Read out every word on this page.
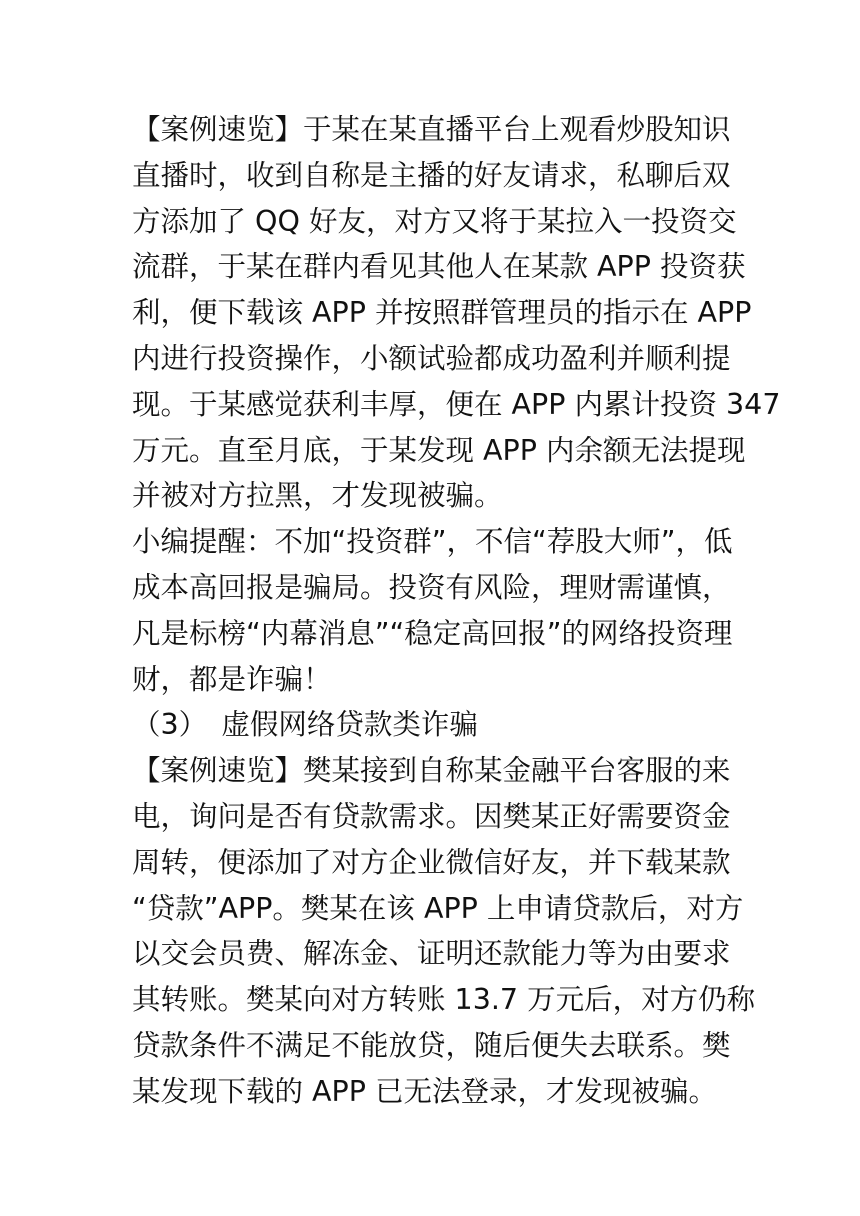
【案例速览】于某在某直播平台上观看炒股知识
直播时，收到自称是主播的好友请求，私聊后双
方添加了 QQ 好友，对方又将于某拉入一投资交
流群，于某在群内看见其他人在某款 APP 投资获
利，便下载该 APP 并按照群管理员的指示在 APP
内进行投资操作，小额试验都成功盈利并顺利提
现。于某感觉获利丰厚，便在 APP 内累计投资 347
万元。直至月底，于某发现 APP 内余额无法提现
并被对方拉黑，才发现被骗。
小编提醒：不加“投资群”，不信“荐股大师”，低
成本高回报是骗局。投资有风险，理财需谨慎，
凡是标榜“内幕消息”“稳定高回报”的网络投资理
财，都是诈骗！
（3）　虚假网络贷款类诈骗
【案例速览】樊某接到自称某金融平台客服的来
电，询问是否有贷款需求。因樊某正好需要资金
周转，便添加了对方企业微信好友，并下载某款
“贷款”APP。樊某在该 APP 上申请贷款后，对方
以交会员费、解冻金、证明还款能力等为由要求
其转账。樊某向对方转账 13.7 万元后，对方仍称
贷款条件不满足不能放贷，随后便失去联系。樊
某发现下载的 APP 已无法登录，才发现被骗。
